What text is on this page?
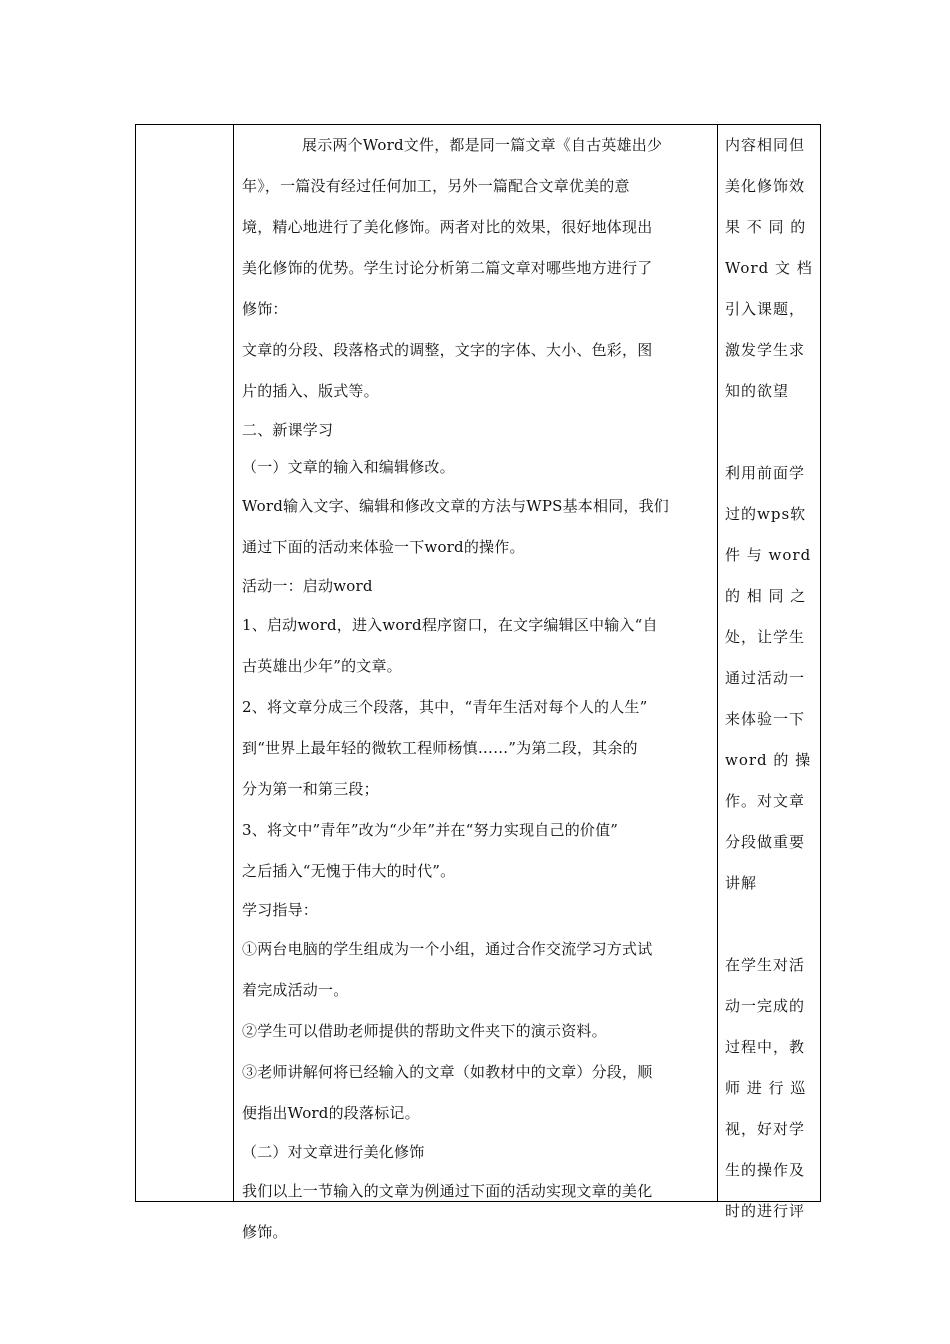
展示两个Word文件，都是同一篇文章《自古英雄出少

年》，一篇没有经过任何加工，另外一篇配合文章优美的意

境，精心地进行了美化修饰。两者对比的效果，很好地体现出

美化修饰的优势。学生讨论分析第二篇文章对哪些地方进行了

修饰：

文章的分段、段落格式的调整，文字的字体、大小、色彩，图

片的插入、版式等。

二、新课学习

（一）文章的输入和编辑修改。

Word输入文字、编辑和修改文章的方法与WPS基本相同，我们

通过下面的活动来体验一下word的操作。

活动一：启动word

1、启动word，进入word程序窗口，在文字编辑区中输入“自

古英雄出少年”的文章。

2、将文章分成三个段落，其中，“青年生活对每个人的人生”

到“世界上最年轻的微软工程师杨慎……”为第二段，其余的

分为第一和第三段；

3、将文中”青年”改为“少年”并在“努力实现自己的价值”

之后插入“无愧于伟大的时代”。

学习指导：

①两台电脑的学生组成为一个小组，通过合作交流学习方式试

着完成活动一。

②学生可以借助老师提供的帮助文件夹下的演示资料。

③老师讲解何将已经输入的文章（如教材中的文章）分段，顺

便指出Word的段落标记。

（二）对文章进行美化修饰

我们以上一节输入的文章为例通过下面的活动实现文章的美化

修饰。

内容相同但

美化修饰效

果 不 同 的

Word 文 档

引入课题，

激发学生求

知的欲望

利用前面学

过的wps软

件 与 word

的 相 同 之

处，让学生

通过活动一

来体验一下

word 的 操

作。对文章

分段做重要

讲解

在学生对活

动一完成的

过程中，教

师 进 行 巡

视，好对学

生的操作及

时的进行评
